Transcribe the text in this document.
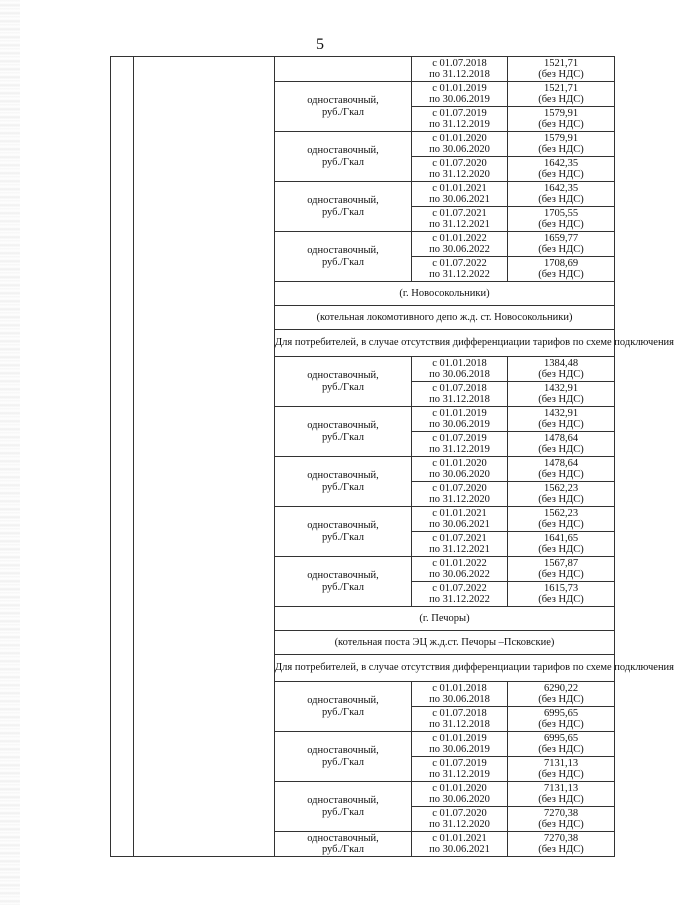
5

			с 01.07.2018
по 31.12.2018	1521,71
(без НДС)

		одноставочный,
руб./Гкал	с 01.01.2019
по 30.06.2019	1521,71
(без НДС)

			с 01.07.2019
по 31.12.2019	1579,91
(без НДС)

		одноставочный,
руб./Гкал	с 01.01.2020
по 30.06.2020	1579,91
(без НДС)

			с 01.07.2020
по 31.12.2020	1642,35
(без НДС)

		одноставочный,
руб./Гкал	с 01.01.2021
по 30.06.2021	1642,35
(без НДС)

			с 01.07.2021
по 31.12.2021	1705,55
(без НДС)

		одноставочный,
руб./Гкал	с 01.01.2022
по 30.06.2022	1659,77
(без НДС)

			с 01.07.2022
по 31.12.2022	1708,69
(без НДС)

		(г. Новосокольники)		
		(котельная локомотивного депо ж.д. ст. Новосокольники)		
		Для потребителей, в случае отсутствия дифференциации тарифов по схеме подключения		

		одноставочный,
руб./Гкал	с 01.01.2018
по 30.06.2018	1384,48
(без НДС)

			с 01.07.2018
по 31.12.2018	1432,91
(без НДС)

		одноставочный,
руб./Гкал	с 01.01.2019
по 30.06.2019	1432,91
(без НДС)

			с 01.07.2019
по 31.12.2019	1478,64
(без НДС)

		одноставочный,
руб./Гкал	с 01.01.2020
по 30.06.2020	1478,64
(без НДС)

			с 01.07.2020
по 31.12.2020	1562,23
(без НДС)

		одноставочный,
руб./Гкал	с 01.01.2021
по 30.06.2021	1562,23
(без НДС)

			с 01.07.2021
по 31.12.2021	1641,65
(без НДС)

		одноставочный,
руб./Гкал	с 01.01.2022
по 30.06.2022	1567,87
(без НДС)

			с 01.07.2022
по 31.12.2022	1615,73
(без НДС)

		(г. Печоры)		
		(котельная поста ЭЦ ж.д.ст. Печоры –Псковские)		
		Для потребителей, в случае отсутствия дифференциации тарифов по схеме подключения		

		одноставочный,
руб./Гкал	с 01.01.2018
по 30.06.2018	6290,22
(без НДС)

			с 01.07.2018
по 31.12.2018	6995,65
(без НДС)

		одноставочный,
руб./Гкал	с 01.01.2019
по 30.06.2019	6995,65
(без НДС)

			с 01.07.2019
по 31.12.2019	7131,13
(без НДС)

		одноставочный,
руб./Гкал	с 01.01.2020
по 30.06.2020	7131,13
(без НДС)

			с 01.07.2020
по 31.12.2020	7270,38
(без НДС)

		одноставочный,
руб./Гкал	с 01.01.2021
по 30.06.2021	7270,38
(без НДС)
